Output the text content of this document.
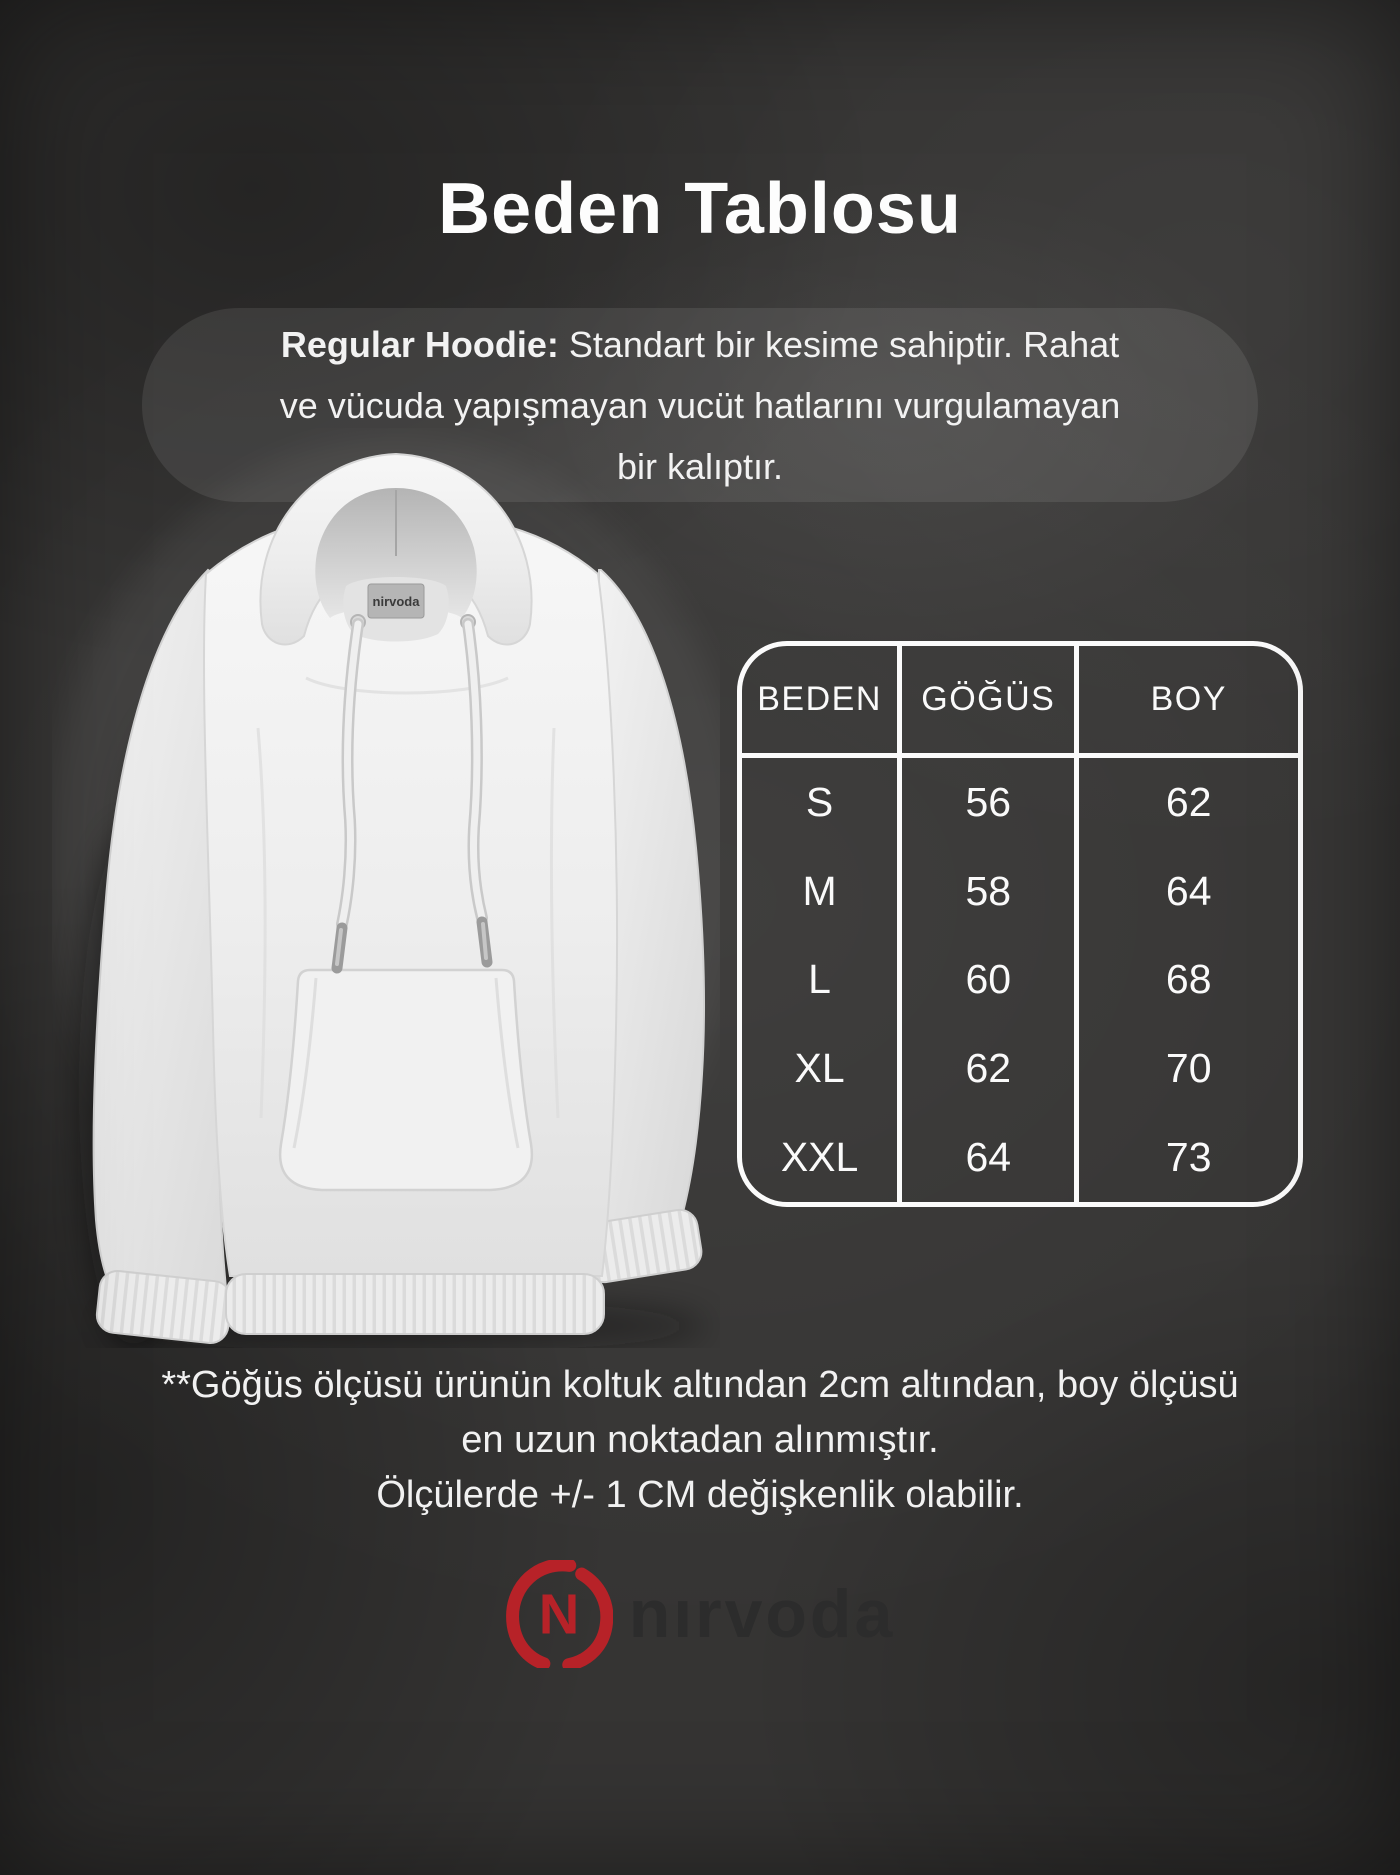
Beden Tablosu
Regular Hoodie: Standart bir kesime sahiptir. Rahat
ve vücuda yapışmayan vucüt hatlarını vurgulamayan
bir kalıptır.
nirvoda
BEDEN	GÖĞÜS	BOY
S	56	62
M	58	64
L	60	68
XL	62	70
XXL	64	73
**Göğüs ölçüsü ürünün koltuk altından 2cm altından, boy ölçüsü
en uzun noktadan alınmıştır.
Ölçülerde +/- 1 CM değişkenlik olabilir.
N nırvoda
